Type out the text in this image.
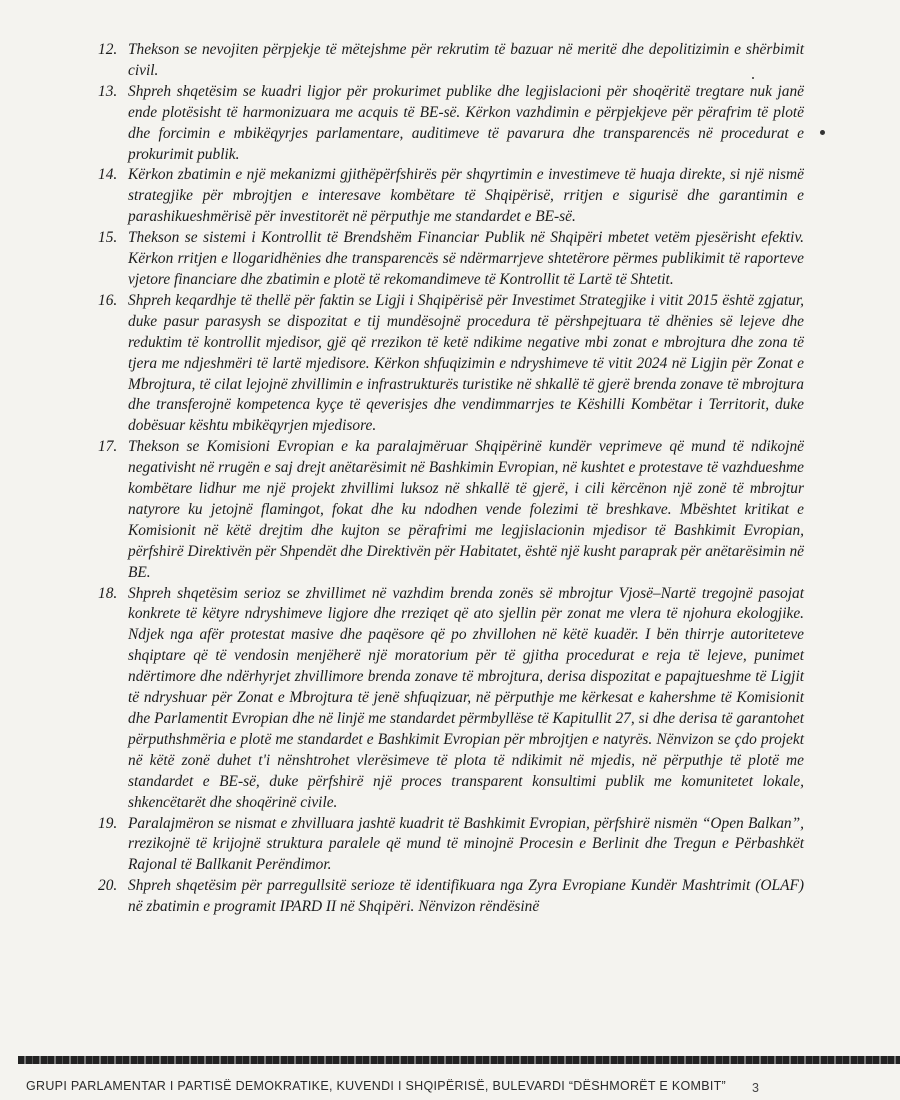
12. Thekson se nevojiten përpjekje të mëtejshme për rekrutim të bazuar në meritë dhe depolitizimin e shërbimit civil.
13. Shpreh shqetësim se kuadri ligjor për prokurimet publike dhe legjislacioni për shoqëritë tregtare nuk janë ende plotësisht të harmonizuara me acquis të BE-së. Kërkon vazhdimin e përpjekjeve për përafrim të plotë dhe forcimin e mbikëqyrjes parlamentare, auditimeve të pavarura dhe transparencës në procedurat e prokurimit publik.
14. Kërkon zbatimin e një mekanizmi gjithëpërfshirës për shqyrtimin e investimeve të huaja direkte, si një nismë strategjike për mbrojtjen e interesave kombëtare të Shqipërisë, rritjen e sigurisë dhe garantimin e parashikueshmërisë për investitorët në përputhje me standardet e BE-së.
15. Thekson se sistemi i Kontrollit të Brendshëm Financiar Publik në Shqipëri mbetet vetëm pjesërisht efektiv. Kërkon rritjen e llogaridhënies dhe transparencës së ndërmarrjeve shtetërore përmes publikimit të raporteve vjetore financiare dhe zbatimin e plotë të rekomandimeve të Kontrollit të Lartë të Shtetit.
16. Shpreh keqardhje të thellë për faktin se Ligji i Shqipërisë për Investimet Strategjike i vitit 2015 është zgjatur, duke pasur parasysh se dispozitat e tij mundësojnë procedura të përshpejtuara të dhënies së lejeve dhe reduktim të kontrollit mjedisor, gjë që rrezikon të ketë ndikime negative mbi zonat e mbrojtura dhe zona të tjera me ndjeshmëri të lartë mjedisore. Kërkon shfuqizimin e ndryshimeve të vitit 2024 në Ligjin për Zonat e Mbrojtura, të cilat lejojnë zhvillimin e infrastrukturës turistike në shkallë të gjerë brenda zonave të mbrojtura dhe transferojnë kompetenca kyçe të qeverisjes dhe vendimmarrjes te Këshilli Kombëtar i Territorit, duke dobësuar kështu mbikëqyrjen mjedisore.
17. Thekson se Komisioni Evropian e ka paralajmëruar Shqipërinë kundër veprimeve që mund të ndikojnë negativisht në rrugën e saj drejt anëtarësimit në Bashkimin Evropian, në kushtet e protestave të vazhdueshme kombëtare lidhur me një projekt zhvillimi luksoz në shkallë të gjerë, i cili kërcënon një zonë të mbrojtur natyrore ku jetojnë flamingot, fokat dhe ku ndodhen vende folezimi të breshkave. Mbështet kritikat e Komisionit në këtë drejtim dhe kujton se përafrimi me legjislacionin mjedisor të Bashkimit Evropian, përfshirë Direktivën për Shpendët dhe Direktivën për Habitatet, është një kusht paraprak për anëtarësimin në BE.
18. Shpreh shqetësim serioz se zhvillimet në vazhdim brenda zonës së mbrojtur Vjosë–Nartë tregojnë pasojat konkrete të këtyre ndryshimeve ligjore dhe rreziqet që ato sjellin për zonat me vlera të njohura ekologjike. Ndjek nga afër protestat masive dhe paqësore që po zhvillohen në këtë kuadër. I bën thirrje autoriteteve shqiptare që të vendosin menjëherë një moratorium për të gjitha procedurat e reja të lejeve, punimet ndërtimore dhe ndërhyrjet zhvillimore brenda zonave të mbrojtura, derisa dispozitat e papajtueshme të Ligjit të ndryshuar për Zonat e Mbrojtura të jenë shfuqizuar, në përputhje me kërkesat e kahershme të Komisionit dhe Parlamentit Evropian dhe në linjë me standardet përmbyllëse të Kapitullit 27, si dhe derisa të garantohet përputhshmëria e plotë me standardet e Bashkimit Evropian për mbrojtjen e natyrës. Nënvizon se çdo projekt në këtë zonë duhet t'i nënshtrohet vlerësimeve të plota të ndikimit në mjedis, në përputhje të plotë me standardet e BE-së, duke përfshirë një proces transparent konsultimi publik me komunitetet lokale, shkencëtarët dhe shoqërinë civile.
19. Paralajmëron se nismat e zhvilluara jashtë kuadrit të Bashkimit Evropian, përfshirë nismën “Open Balkan”, rrezikojnë të krijojnë struktura paralele që mund të minojnë Procesin e Berlinit dhe Tregun e Përbashkët Rajonal të Ballkanit Perëndimor.
20. Shpreh shqetësim për parregullsitë serioze të identifikuara nga Zyra Evropiane Kundër Mashtrimit (OLAF) në zbatimin e programit IPARD II në Shqipëri. Nënvizon rëndësinë
GRUPI PARLAMENTAR I PARTISË DEMOKRATIKE, KUVENDI I SHQIPËRISË, BULEVARDI “DËSHMORËT E KOMBIT”	3
